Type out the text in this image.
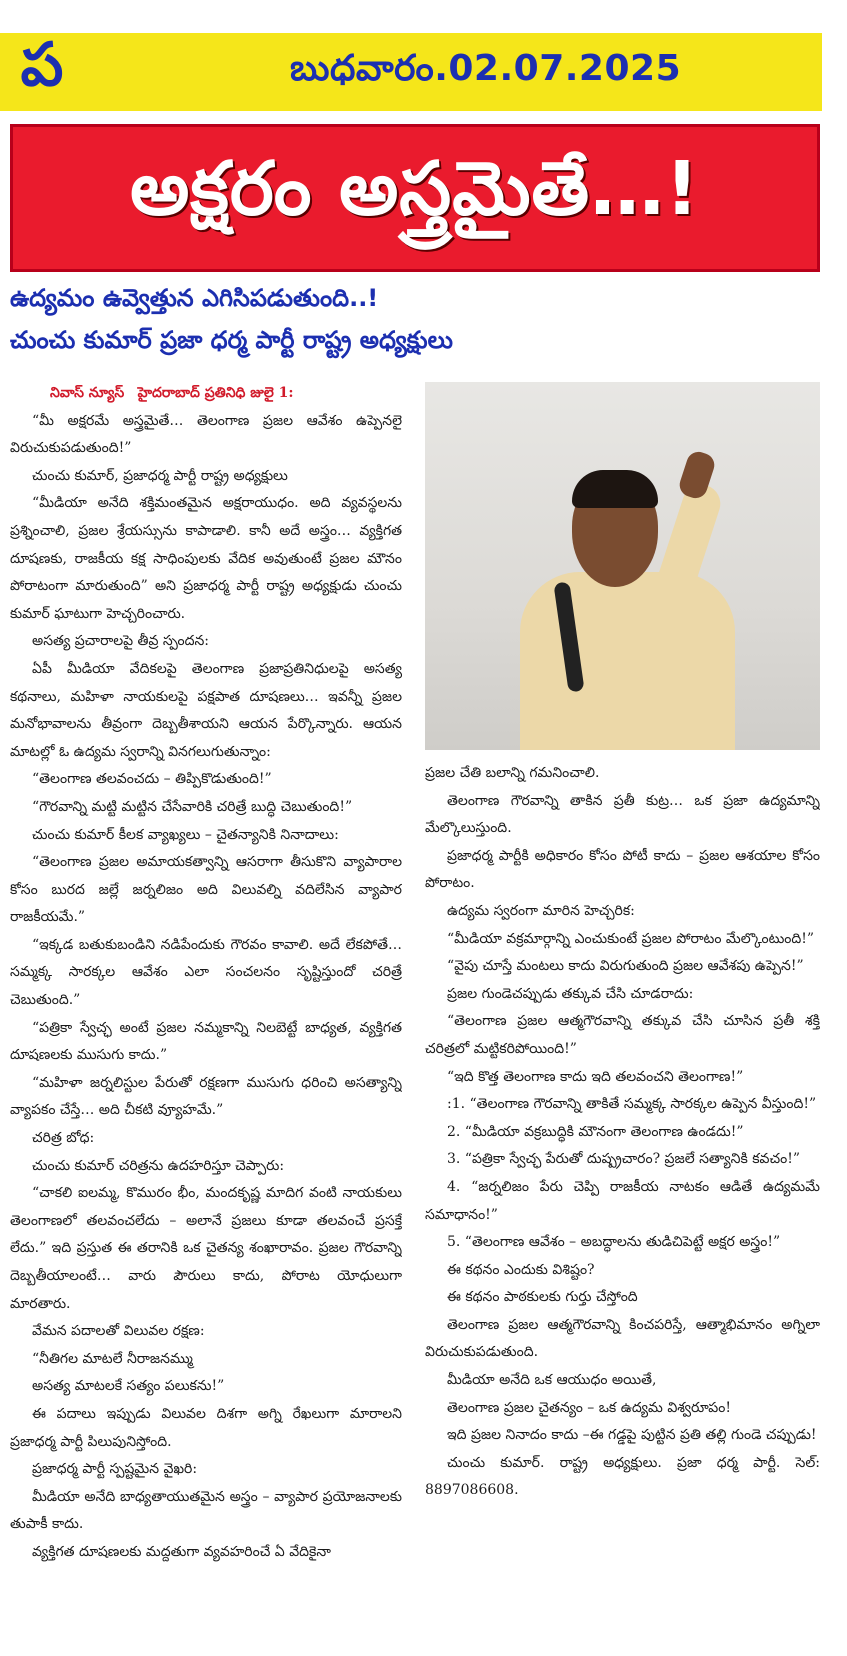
ప	బుధవారం.02.07.2025
అక్షరం అస్త్రమైతే…!
ఉద్యమం ఉవ్వెత్తున ఎగిసిపడుతుంది..!
చుంచు కుమార్ ప్రజా ధర్మ పార్టీ రాష్ట్ర అధ్యక్షులు

నివాస్ న్యూస్ హైదరాబాద్ ప్రతినిధి జులై 1:

“మీ అక్షరమే అస్త్రమైతే… తెలంగాణ ప్రజల ఆవేశం ఉప్పెనలై విరుచుకుపడుతుంది!”

చుంచు కుమార్, ప్రజాధర్మ పార్టీ రాష్ట్ర అధ్యక్షులు

“మీడియా అనేది శక్తిమంతమైన అక్షరాయుధం. అది వ్యవస్థలను ప్రశ్నించాలి, ప్రజల శ్రేయస్సును కాపాడాలి. కానీ అదే అస్త్రం… వ్యక్తిగత దూషణకు, రాజకీయ కక్ష సాధింపులకు వేదిక అవుతుంటే ప్రజల మౌనం పోరాటంగా మారుతుంది” అని ప్రజాధర్మ పార్టీ రాష్ట్ర అధ్యక్షుడు చుంచు కుమార్ ఘాటుగా హెచ్చరించారు.

అసత్య ప్రచారాలపై తీవ్ర స్పందన:

ఏపీ మీడియా వేదికలపై తెలంగాణ ప్రజాప్రతినిధులపై అసత్య కథనాలు, మహిళా నాయకులపై పక్షపాత దూషణలు… ఇవన్నీ ప్రజల మనోభావాలను తీవ్రంగా దెబ్బతీశాయని ఆయన పేర్కొన్నారు. ఆయన మాటల్లో ఓ ఉద్యమ స్వరాన్ని వినగలుగుతున్నాం:

“తెలంగాణ తలవంచదు – తిప్పికొడుతుంది!”

“గౌరవాన్ని మట్టి మట్టిన చేసేవారికి చరిత్రే బుద్ధి చెబుతుంది!”

చుంచు కుమార్ కీలక వ్యాఖ్యలు – చైతన్యానికి నినాదాలు:

“తెలంగాణ ప్రజల అమాయకత్వాన్ని ఆసరాగా తీసుకొని వ్యాపారాల కోసం బురద జల్లే జర్నలిజం అది విలువల్ని వదిలేసిన వ్యాపార రాజకీయమే.”

“ఇక్కడ బతుకుబండిని నడిపేందుకు గౌరవం కావాలి. అదే లేకపోతే… సమ్మక్క సారక్కల ఆవేశం ఎలా సంచలనం సృష్టిస్తుందో చరిత్రే చెబుతుంది.”

“పత్రికా స్వేచ్ఛ అంటే ప్రజల నమ్మకాన్ని నిలబెట్టే బాధ్యత, వ్యక్తిగత దూషణలకు ముసుగు కాదు.”

“మహిళా జర్నలిస్టుల పేరుతో రక్షణగా ముసుగు ధరించి అసత్యాన్ని వ్యాపకం చేస్తే… అది చీకటి వ్యూహమే.”

చరిత్ర బోధ:

చుంచు కుమార్ చరిత్రను ఉదహరిస్తూ చెప్పారు:

“చాకలి ఐలమ్మ, కొమురం భీం, మందకృష్ణ మాదిగ వంటి నాయకులు తెలంగాణలో తలవంచలేదు – అలానే ప్రజలు కూడా తలవంచే ప్రసక్తే లేదు.” ఇది ప్రస్తుత ఈ తరానికి ఒక చైతన్య శంఖారావం. ప్రజల గౌరవాన్ని దెబ్బతీయాలంటే… వారు పౌరులు కాదు, పోరాట యోధులుగా మారతారు.

వేమన పదాలతో విలువల రక్షణ:

“నీతిగల మాటలే నీరాజనమ్ము

అసత్య మాటలకే సత్యం పలుకను!”

ఈ పదాలు ఇప్పుడు విలువల దిశగా అగ్ని రేఖలుగా మారాలని ప్రజాధర్మ పార్టీ పిలుపునిస్తోంది.

ప్రజాధర్మ పార్టీ స్పష్టమైన వైఖరి:

మీడియా అనేది బాధ్యతాయుతమైన అస్త్రం – వ్యాపార ప్రయోజనాలకు తుపాకీ కాదు.

వ్యక్తిగత దూషణలకు మద్దతుగా వ్యవహరించే ఏ వేదికైనా

ప్రజల చేతి బలాన్ని గమనించాలి.

తెలంగాణ గౌరవాన్ని తాకిన ప్రతీ కుట్ర… ఒక ప్రజా ఉద్యమాన్ని మేల్కొలుస్తుంది.

ప్రజాధర్మ పార్టీకి అధికారం కోసం పోటీ కాదు – ప్రజల ఆశయాల కోసం పోరాటం.

ఉద్యమ స్వరంగా మారిన హెచ్చరిక:

“మీడియా వక్రమార్గాన్ని ఎంచుకుంటే ప్రజల పోరాటం మేల్కొంటుంది!”

“వైపు చూస్తే మంటలు కాదు విరుగుతుంది ప్రజల ఆవేశపు ఉప్పెన!”

ప్రజల గుండెచప్పుడు తక్కువ చేసి చూడరాదు:

“తెలంగాణ ప్రజల ఆత్మగౌరవాన్ని తక్కువ చేసి చూసిన ప్రతీ శక్తి చరిత్రలో మట్టికరిపోయింది!”

“ఇది కొత్త తెలంగాణ కాదు ఇది తలవంచని తెలంగాణ!”

:1. “తెలంగాణ గౌరవాన్ని తాకితే సమ్మక్క సారక్కల ఉప్పెన వీస్తుంది!”

2. “మీడియా వక్రబుద్ధికి మౌనంగా తెలంగాణ ఉండదు!”

3. “పత్రికా స్వేచ్ఛ పేరుతో దుష్ప్రచారం? ప్రజలే సత్యానికి కవచం!”

4. “జర్నలిజం పేరు చెప్పి రాజకీయ నాటకం ఆడితే ఉద్యమమే సమాధానం!”

5. “తెలంగాణ ఆవేశం – అబద్ధాలను తుడిచిపెట్టే అక్షర అస్త్రం!”

ఈ కథనం ఎందుకు విశిష్టం?

ఈ కథనం పాఠకులకు గుర్తు చేస్తోంది

తెలంగాణ ప్రజల ఆత్మగౌరవాన్ని కించపరిస్తే, ఆత్మాభిమానం అగ్నిలా విరుచుకుపడుతుంది.

మీడియా అనేది ఒక ఆయుధం అయితే,

తెలంగాణ ప్రజల చైతన్యం – ఒక ఉద్యమ విశ్వరూపం!

ఇది ప్రజల నినాదం కాదు –ఈ గడ్డపై పుట్టిన ప్రతి తల్లి గుండె చప్పుడు!

చుంచు కుమార్. రాష్ట్ర అధ్యక్షులు. ప్రజా ధర్మ పార్టీ. సెల్: 8897086608.
